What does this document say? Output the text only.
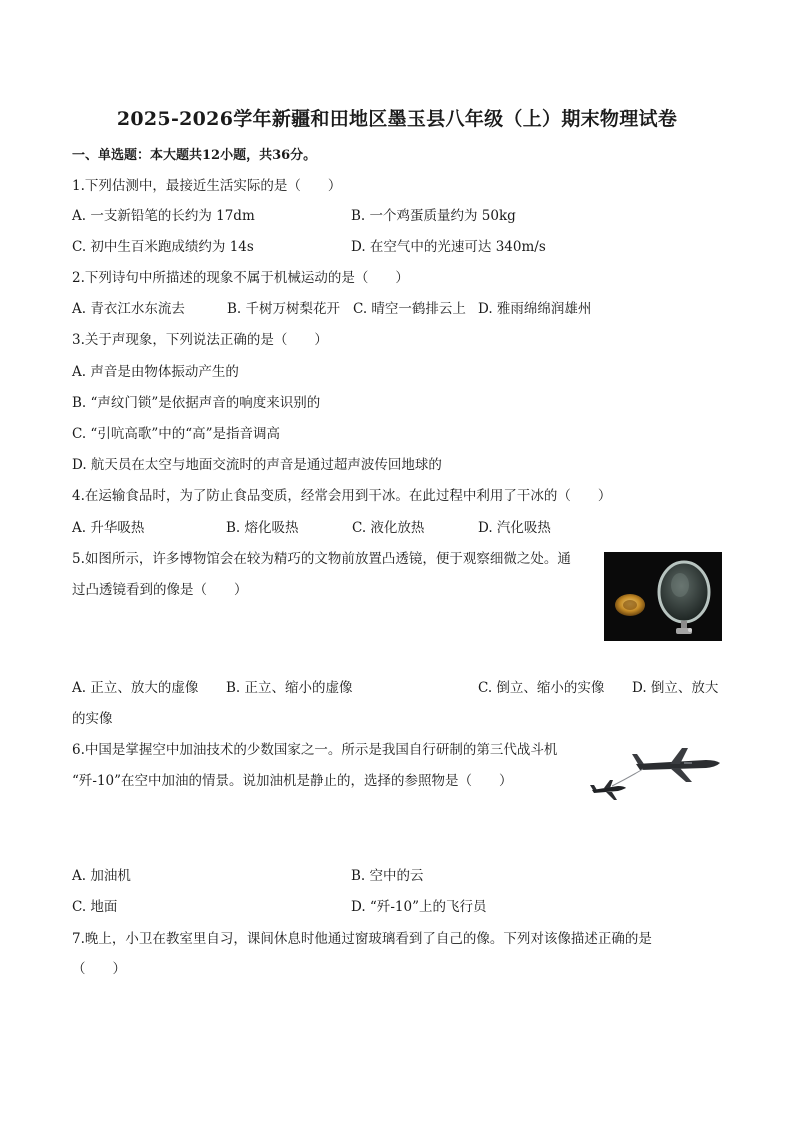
2025-2026学年新疆和田地区墨玉县八年级（上）期末物理试卷
一、单选题：本大题共12小题，共36分。
1.下列估测中，最接近生活实际的是（　　）
A. 一支新铅笔的长约为 17dm	B. 一个鸡蛋质量约为 50kg
C. 初中生百米跑成绩约为 14s	D. 在空气中的光速可达 340m/s
2.下列诗句中所描述的现象不属于机械运动的是（　　）
A. 青衣江水东流去	B. 千树万树梨花开 C. 晴空一鹤排云上 D. 雅雨绵绵润雄州
3.关于声现象，下列说法正确的是（　　）
A. 声音是由物体振动产生的
B. “声纹门锁”是依据声音的响度来识别的
C. “引吭高歌”中的“高”是指音调高
D. 航天员在太空与地面交流时的声音是通过超声波传回地球的
4.在运输食品时，为了防止食品变质，经常会用到干冰。在此过程中利用了干冰的（　　）
A. 升华吸热	B. 熔化吸热	C. 液化放热	D. 汽化吸热
5.如图所示，许多博物馆会在较为精巧的文物前放置凸透镜，便于观察细微之处。通
过凸透镜看到的像是（　　）
A. 正立、放大的虚像 B. 正立、缩小的虚像	C. 倒立、缩小的实像 D. 倒立、放大
的实像
6.中国是掌握空中加油技术的少数国家之一。所示是我国自行研制的第三代战斗机
“歼-10”在空中加油的情景。说加油机是静止的，选择的参照物是（　　）
A. 加油机	B. 空中的云
C. 地面	D. “歼-10”上的飞行员
7.晚上，小卫在教室里自习，课间休息时他通过窗玻璃看到了自己的像。下列对该像描述正确的是
（　　）
